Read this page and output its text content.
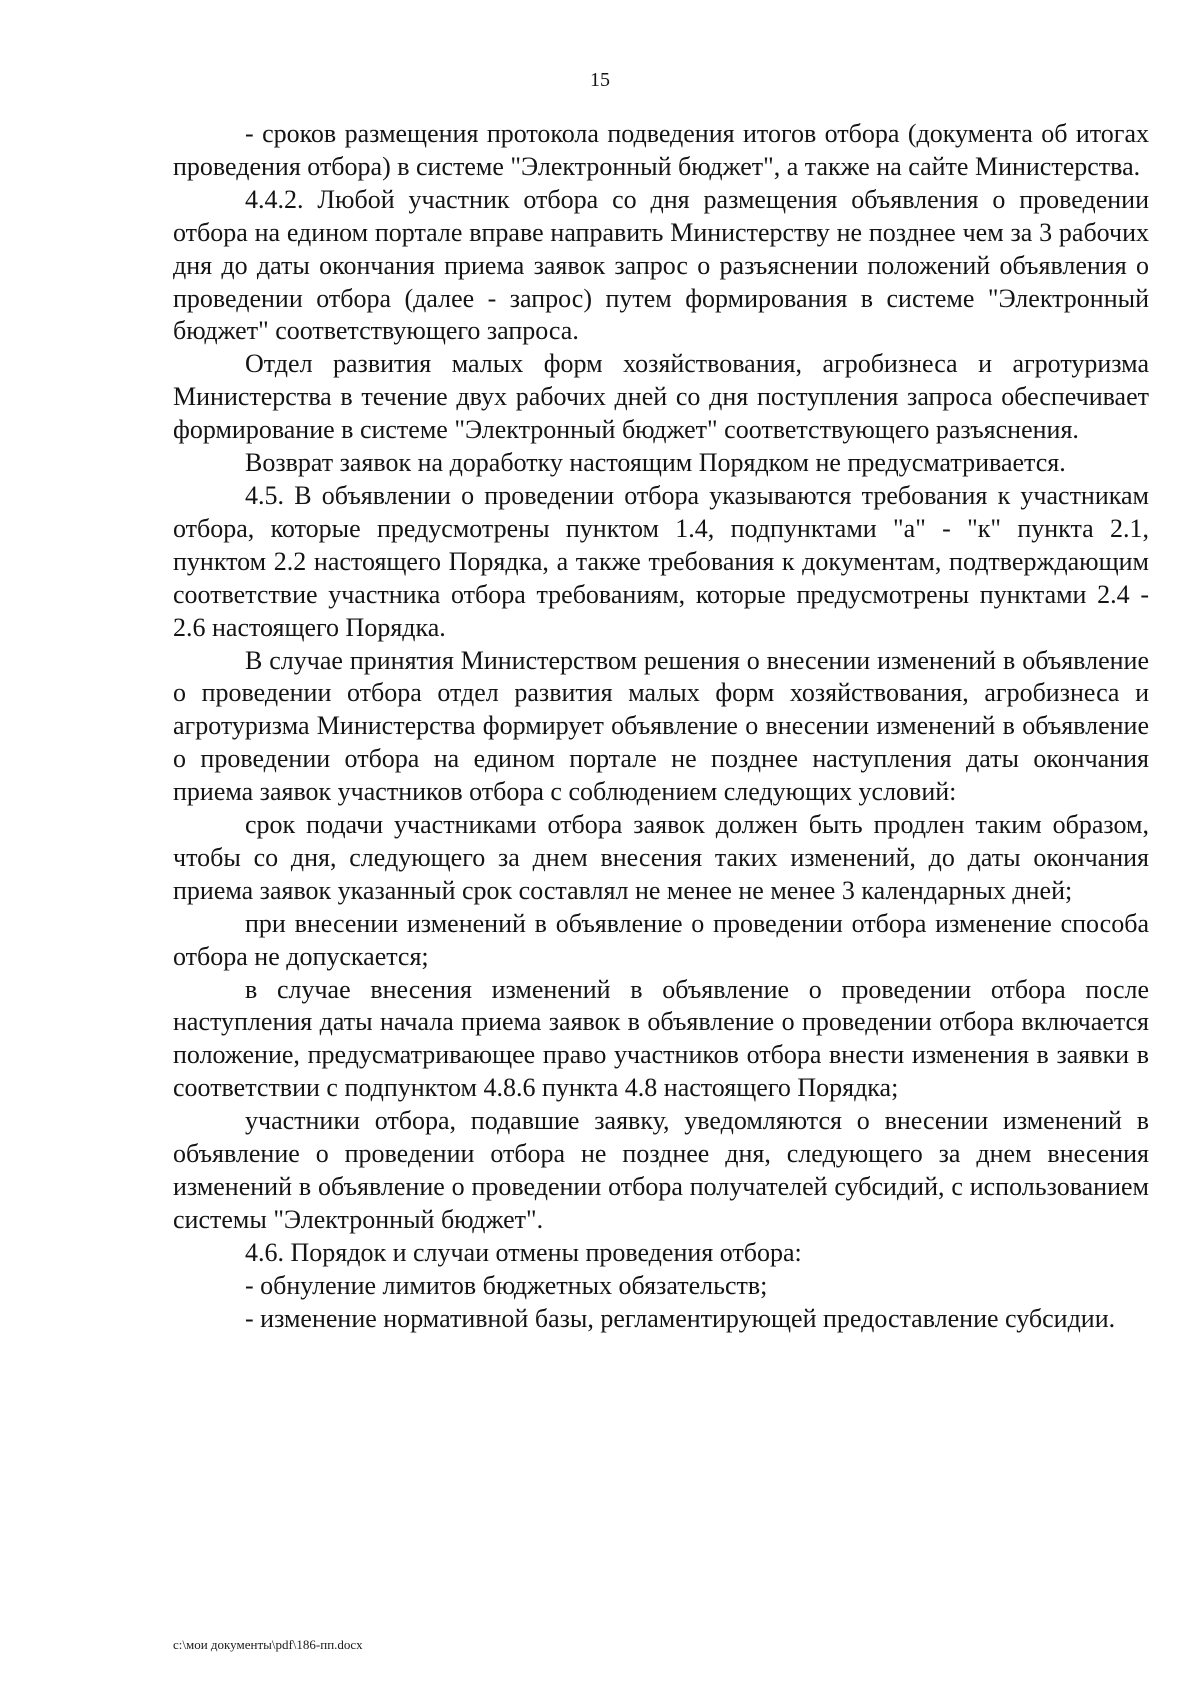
15

- сроков размещения протокола подведения итогов отбора (документа об итогах проведения отбора) в системе "Электронный бюджет", а также на сайте Министерства.

4.4.2. Любой участник отбора со дня размещения объявления о проведении отбора на едином портале вправе направить Министерству не позднее чем за 3 рабочих дня до даты окончания приема заявок запрос о разъяснении положений объявления о проведении отбора (далее - запрос) путем формирования в системе "Электронный бюджет" соответствующего запроса.

Отдел развития малых форм хозяйствования, агробизнеса и агротуризма Министерства в течение двух рабочих дней со дня поступления запроса обеспечивает формирование в системе "Электронный бюджет" соответствующего разъяснения.

Возврат заявок на доработку настоящим Порядком не предусматривается.

4.5. В объявлении о проведении отбора указываются требования к участникам отбора, которые предусмотрены пунктом 1.4, подпунктами "а" - "к" пункта 2.1, пунктом 2.2 настоящего Порядка, а также требования к документам, подтверждающим соответствие участника отбора требованиям, которые предусмотрены пунктами 2.4 - 2.6 настоящего Порядка.

В случае принятия Министерством решения о внесении изменений в объявление о проведении отбора отдел развития малых форм хозяйствования, агробизнеса и агротуризма Министерства формирует объявление о внесении изменений в объявление о проведении отбора на едином портале не позднее наступления даты окончания приема заявок участников отбора с соблюдением следующих условий:

срок подачи участниками отбора заявок должен быть продлен таким образом, чтобы со дня, следующего за днем внесения таких изменений, до даты окончания приема заявок указанный срок составлял не менее не менее 3 календарных дней;

при внесении изменений в объявление о проведении отбора изменение способа отбора не допускается;

в случае внесения изменений в объявление о проведении отбора после наступления даты начала приема заявок в объявление о проведении отбора включается положение, предусматривающее право участников отбора внести изменения в заявки в соответствии с подпунктом 4.8.6 пункта 4.8 настоящего Порядка;

участники отбора, подавшие заявку, уведомляются о внесении изменений в объявление о проведении отбора не позднее дня, следующего за днем внесения изменений в объявление о проведении отбора получателей субсидий, с использованием системы "Электронный бюджет".

4.6. Порядок и случаи отмены проведения отбора:

- обнуление лимитов бюджетных обязательств;

- изменение нормативной базы, регламентирующей предоставление субсидии.

c:\мои документы\pdf\186-пп.docx
